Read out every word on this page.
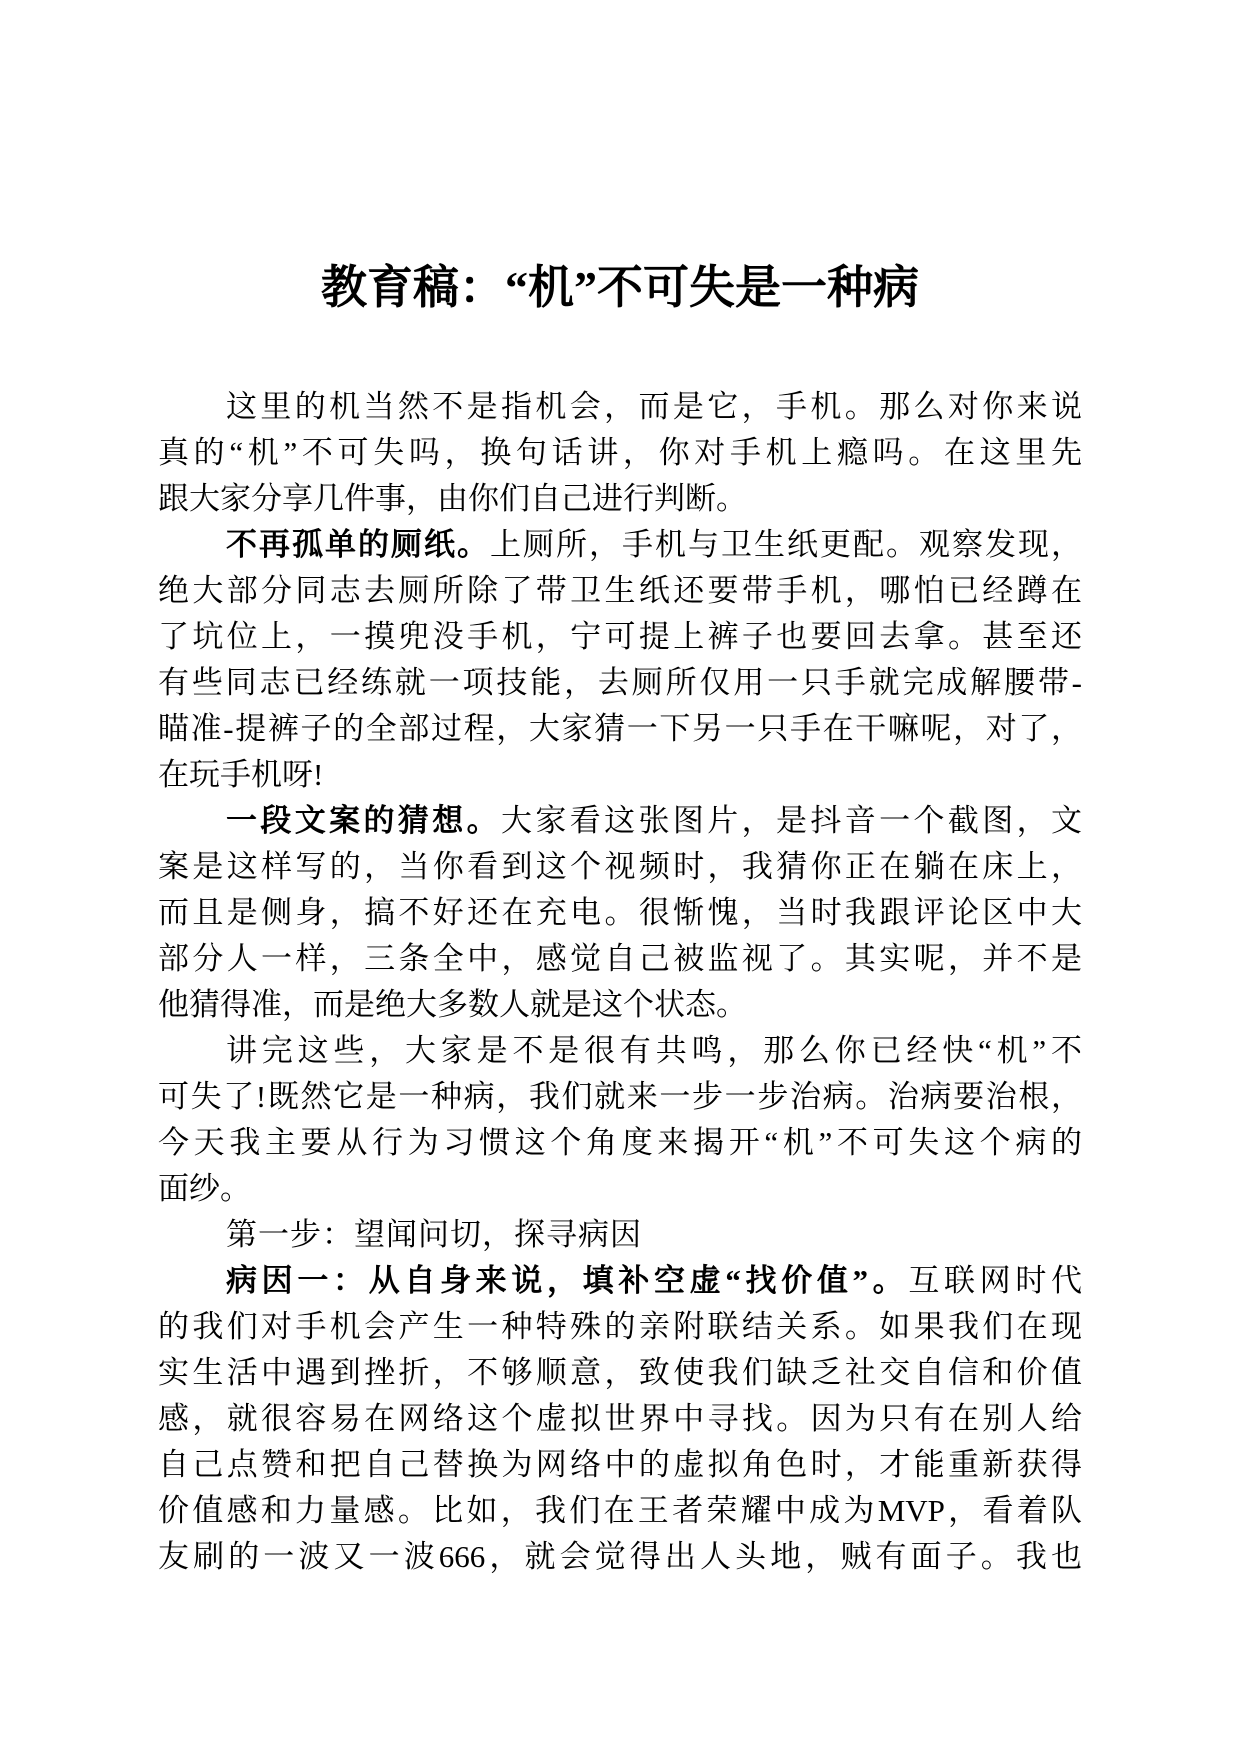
教育稿：“机”不可失是一种病
这里的机当然不是指机会，而是它，手机。那么对你来说
真的“机”不可失吗，换句话讲，你对手机上瘾吗。在这里先
跟大家分享几件事，由你们自己进行判断。
不再孤单的厕纸。上厕所，手机与卫生纸更配。观察发现，
绝大部分同志去厕所除了带卫生纸还要带手机，哪怕已经蹲在
了坑位上，一摸兜没手机，宁可提上裤子也要回去拿。甚至还
有些同志已经练就一项技能，去厕所仅用一只手就完成解腰带-
瞄准-提裤子的全部过程，大家猜一下另一只手在干嘛呢，对了，
在玩手机呀!
一段文案的猜想。大家看这张图片，是抖音一个截图，文
案是这样写的，当你看到这个视频时，我猜你正在躺在床上，
而且是侧身，搞不好还在充电。很惭愧，当时我跟评论区中大
部分人一样，三条全中，感觉自己被监视了。其实呢，并不是
他猜得准，而是绝大多数人就是这个状态。
讲完这些，大家是不是很有共鸣，那么你已经快“机”不
可失了!既然它是一种病，我们就来一步一步治病。治病要治根，
今天我主要从行为习惯这个角度来揭开“机”不可失这个病的
面纱。
第一步：望闻问切，探寻病因
病因一：从自身来说，填补空虚“找价值”。互联网时代
的我们对手机会产生一种特殊的亲附联结关系。如果我们在现
实生活中遇到挫折，不够顺意，致使我们缺乏社交自信和价值
感，就很容易在网络这个虚拟世界中寻找。因为只有在别人给
自己点赞和把自己替换为网络中的虚拟角色时，才能重新获得
价值感和力量感。比如，我们在王者荣耀中成为MVP，看着队
友刷的一波又一波666，就会觉得出人头地，贼有面子。我也
